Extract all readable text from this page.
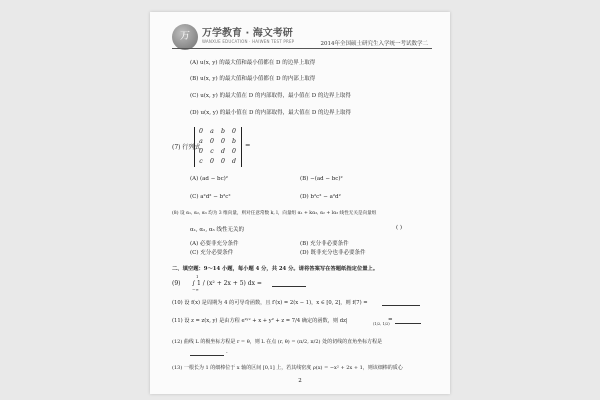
万	万学教育 · 海文考研
WANXUE EDUCATION · HAIWEN TEST PREP	2014年全国硕士研究生入学统一考试数学二
(A) u(x, y) 的最大值和最小值都在 D 的边界上取得
(B) u(x, y) 的最大值和最小值都在 D 的内部上取得
(C) u(x, y) 的最大值在 D 的内部取得，最小值在 D 的边界上取得
(D) u(x, y) 的最小值在 D 的内部取得，最大值在 D 的边界上取得
(7) 行列式
0	a	b	0
a	0	0	b
0	c	d	0
c	0	0	d
=
(A) (ad − bc)²	(B) −(ad − bc)²
(C) a²d² − b²c²	(D) b²c² − a²d²
(8) 设 α₁, α₂, α₃ 均为 3 维向量，则对任意常数 k, l，向量组 α₁ + kα₃, α₂ + lα₃ 线性无关是向量组
α₁, α₂, α₃ 线性无关的	( )
(A) 必要非充分条件	(B) 充分非必要条件
(C) 充分必要条件	(D) 既非充分也非必要条件
二、填空题：9～14 小题，每小题 4 分，共 24 分。请将答案写在答题纸指定位置上。
(9) ∫ 1 / (x² + 2x + 5) dx =
−∞
1
(10) 设 f(x) 是周期为 4 的可导奇函数，且 f′(x) = 2(x − 1)，x ∈ [0, 2]，则 f(7) =
(11) 设 z = z(x, y) 是由方程 e²ʸᶻ + x + y² + z = 7/4 确定的函数，则 dz|	(1/2, 1/2)
=
(12) 曲线 L 的极坐标方程是 r = θ，则 L 在点 (r, θ) = (π/2, π/2) 处的切线的直角坐标方程是
.
(13) 一根长为 1 的细棒位于 x 轴的区间 [0,1] 上，若其线密度 ρ(x) = −x² + 2x + 1，则该细棒的质心
2
